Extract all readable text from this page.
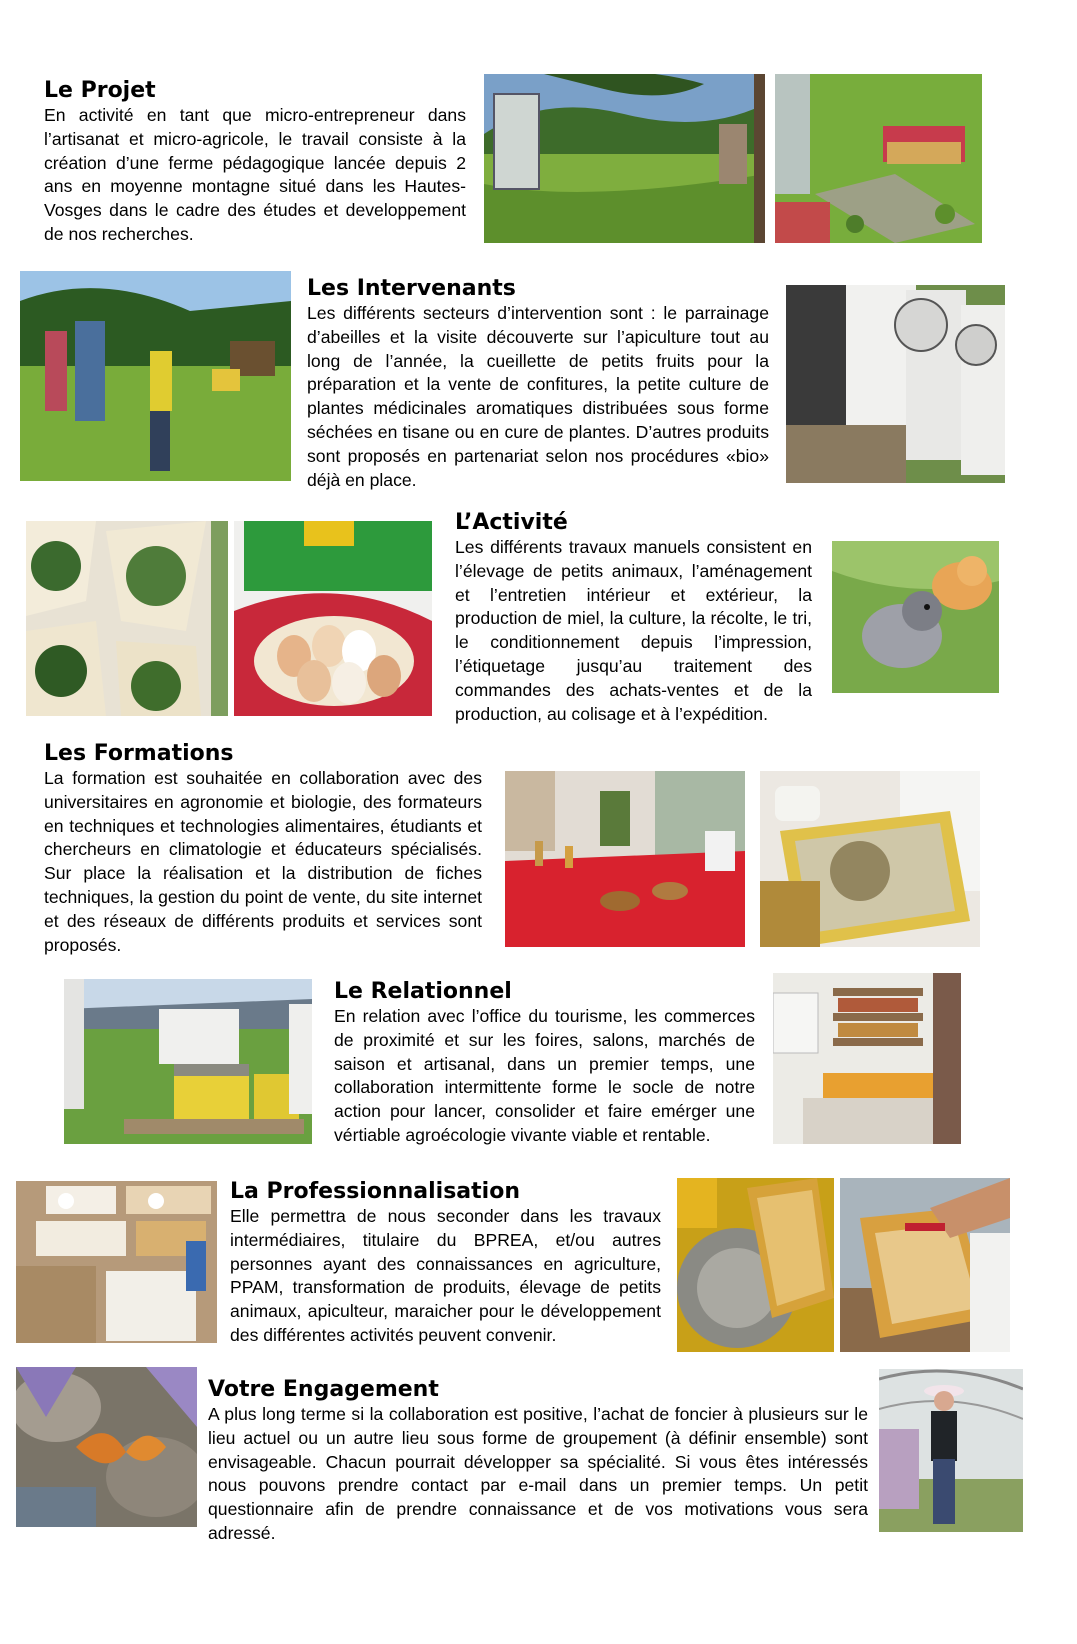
Le Projet

En activité en tant que micro-entrepreneur dans l’artisanat et micro-agricole, le travail consiste à la création d’une ferme pédagogique lancée depuis 2 ans en moyenne montagne situé dans les Hautes-Vosges dans le cadre des études et developpement de nos recherches.

Les Intervenants

Les différents secteurs d’intervention sont : le parrainage d’abeilles et la visite découverte sur l’apiculture tout au long de l’année, la cueillette de petits fruits pour la préparation et la vente de confitures, la petite culture de plantes médicinales aromatiques distribuées sous forme séchées en tisane ou en cure de plantes. D’autres produits sont proposés en partenariat selon nos procédures «bio» déjà en place.

L’Activité

Les différents travaux manuels consistent en l’élevage de petits animaux, l’aménagement et l’entretien intérieur et extérieur, la production de miel, la culture, la récolte, le tri, le conditionnement depuis l’impression, l’étiquetage jusqu’au traitement des commandes des achats-ventes et de la production, au colisage et à l’expédition.

Les Formations

La formation est souhaitée en collaboration avec des universitaires en agronomie et biologie, des formateurs en techniques et technologies alimentaires, étudiants et chercheurs en climatologie et éducateurs spécialisés. Sur place la réalisation et la distribution de fiches techniques, la gestion du point de vente, du site internet et des réseaux de différents produits et services sont proposés.

Le Relationnel

En relation avec l’office du tourisme, les commerces de proximité et sur les foires, salons, marchés de saison et artisanal, dans un premier temps, une collaboration intermittente forme le socle de notre action pour lancer, consolider et faire emérger une vértiable agroécologie vivante viable et rentable.

La Professionnalisation

Elle permettra de nous seconder dans les travaux intermédiaires, titulaire du BPREA, et/ou autres personnes ayant des connaissances en agriculture, PPAM, transformation de produits, élevage de petits animaux, apiculteur, maraicher pour le développement des différentes activités peuvent convenir.

Votre Engagement

A plus long terme si la collaboration est positive, l’achat de foncier à plusieurs sur le lieu actuel ou un autre lieu sous forme de groupement (à définir ensemble) sont envisageable. Chacun pourrait développer sa spécialité. Si vous êtes intéressés nous pouvons prendre contact par e-mail dans un premier temps. Un petit questionnaire afin de prendre connaissance et de vos motivations vous sera adressé.
